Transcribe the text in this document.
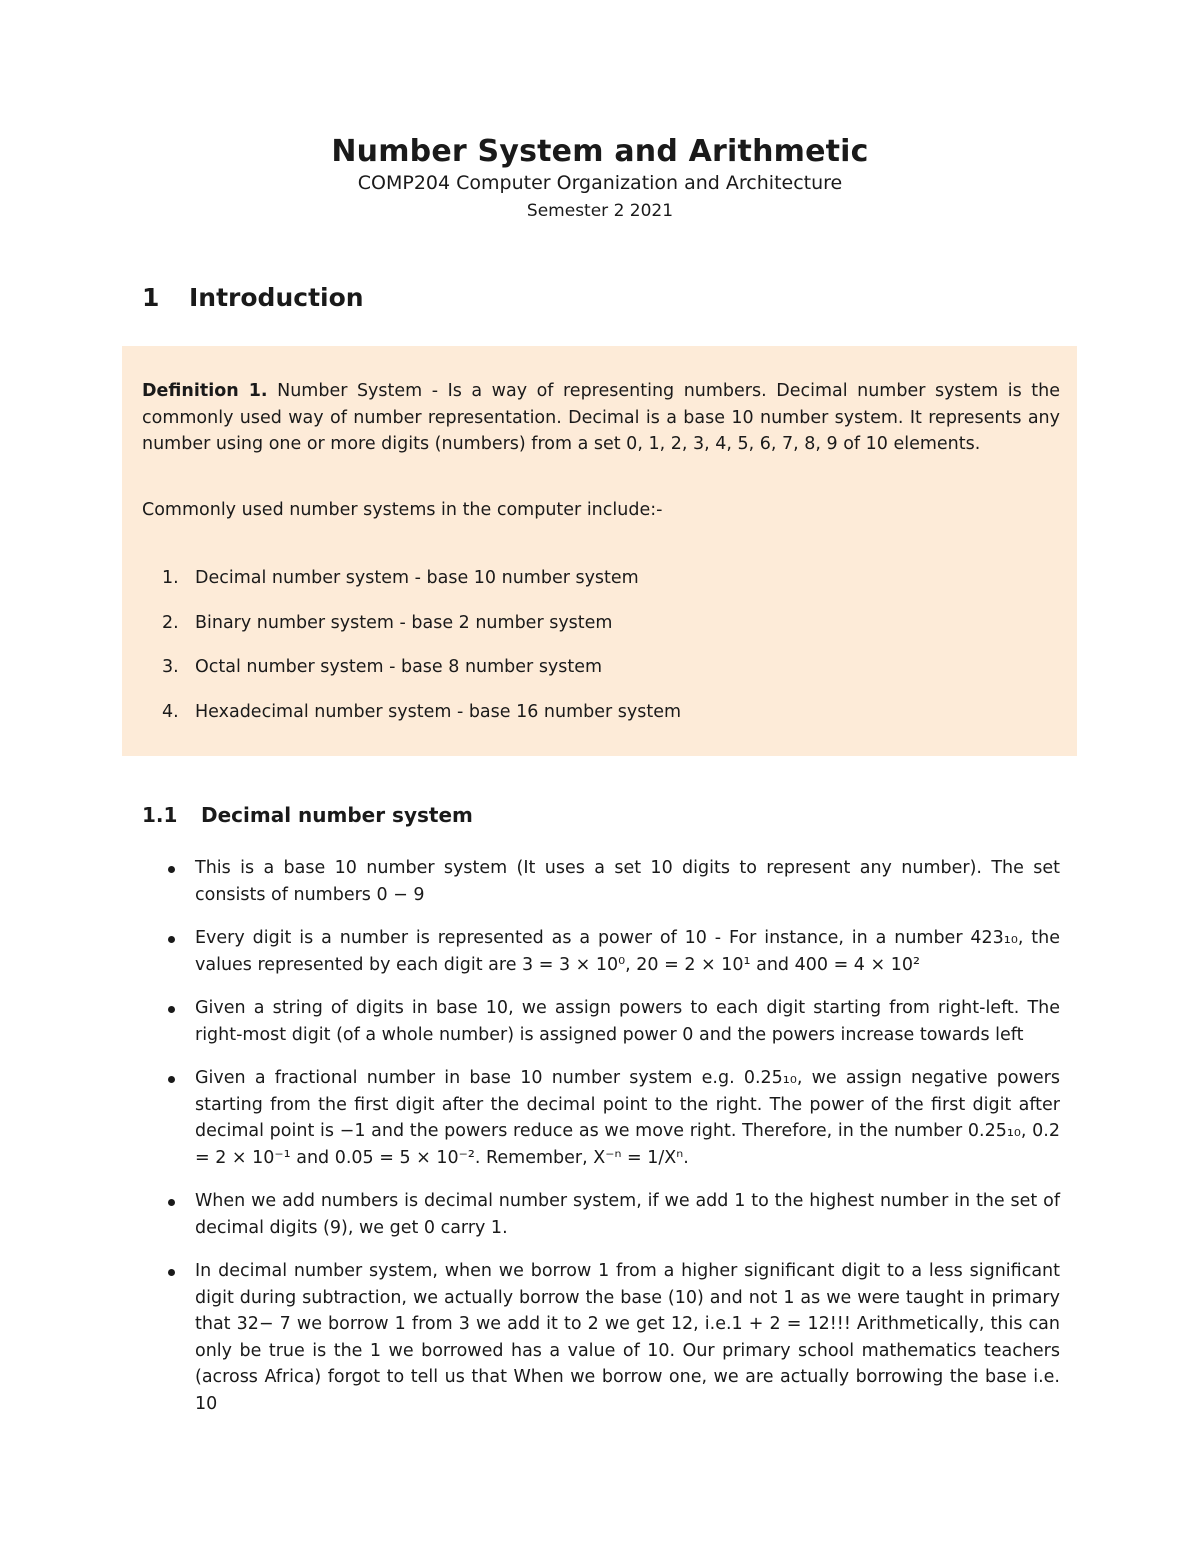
Number System and Arithmetic
COMP204 Computer Organization and Architecture
Semester 2 2021
1 Introduction
Definition 1. Number System - Is a way of representing numbers. Decimal number system is the commonly used way of number representation. Decimal is a base 10 number system. It represents any number using one or more digits (numbers) from a set 0, 1, 2, 3, 4, 5, 6, 7, 8, 9 of 10 elements.
Commonly used number systems in the computer include:-
1. Decimal number system - base 10 number system
2. Binary number system - base 2 number system
3. Octal number system - base 8 number system
4. Hexadecimal number system - base 16 number system
1.1 Decimal number system
This is a base 10 number system (It uses a set 10 digits to represent any number). The set consists of numbers 0 − 9
Every digit is a number is represented as a power of 10 - For instance, in a number 423₁₀, the values represented by each digit are 3 = 3 × 10⁰, 20 = 2 × 10¹ and 400 = 4 × 10²
Given a string of digits in base 10, we assign powers to each digit starting from right-left. The right-most digit (of a whole number) is assigned power 0 and the powers increase towards left
Given a fractional number in base 10 number system e.g. 0.25₁₀, we assign negative powers starting from the first digit after the decimal point to the right. The power of the first digit after decimal point is −1 and the powers reduce as we move right. Therefore, in the number 0.25₁₀, 0.2 = 2 × 10⁻¹ and 0.05 = 5 × 10⁻². Remember, X⁻ⁿ = 1/Xⁿ.
When we add numbers is decimal number system, if we add 1 to the highest number in the set of decimal digits (9), we get 0 carry 1.
In decimal number system, when we borrow 1 from a higher significant digit to a less significant digit during subtraction, we actually borrow the base (10) and not 1 as we were taught in primary that 32− 7 we borrow 1 from 3 we add it to 2 we get 12, i.e.1 + 2 = 12!!! Arithmetically, this can only be true is the 1 we borrowed has a value of 10. Our primary school mathematics teachers (across Africa) forgot to tell us that When we borrow one, we are actually borrowing the base i.e. 10
